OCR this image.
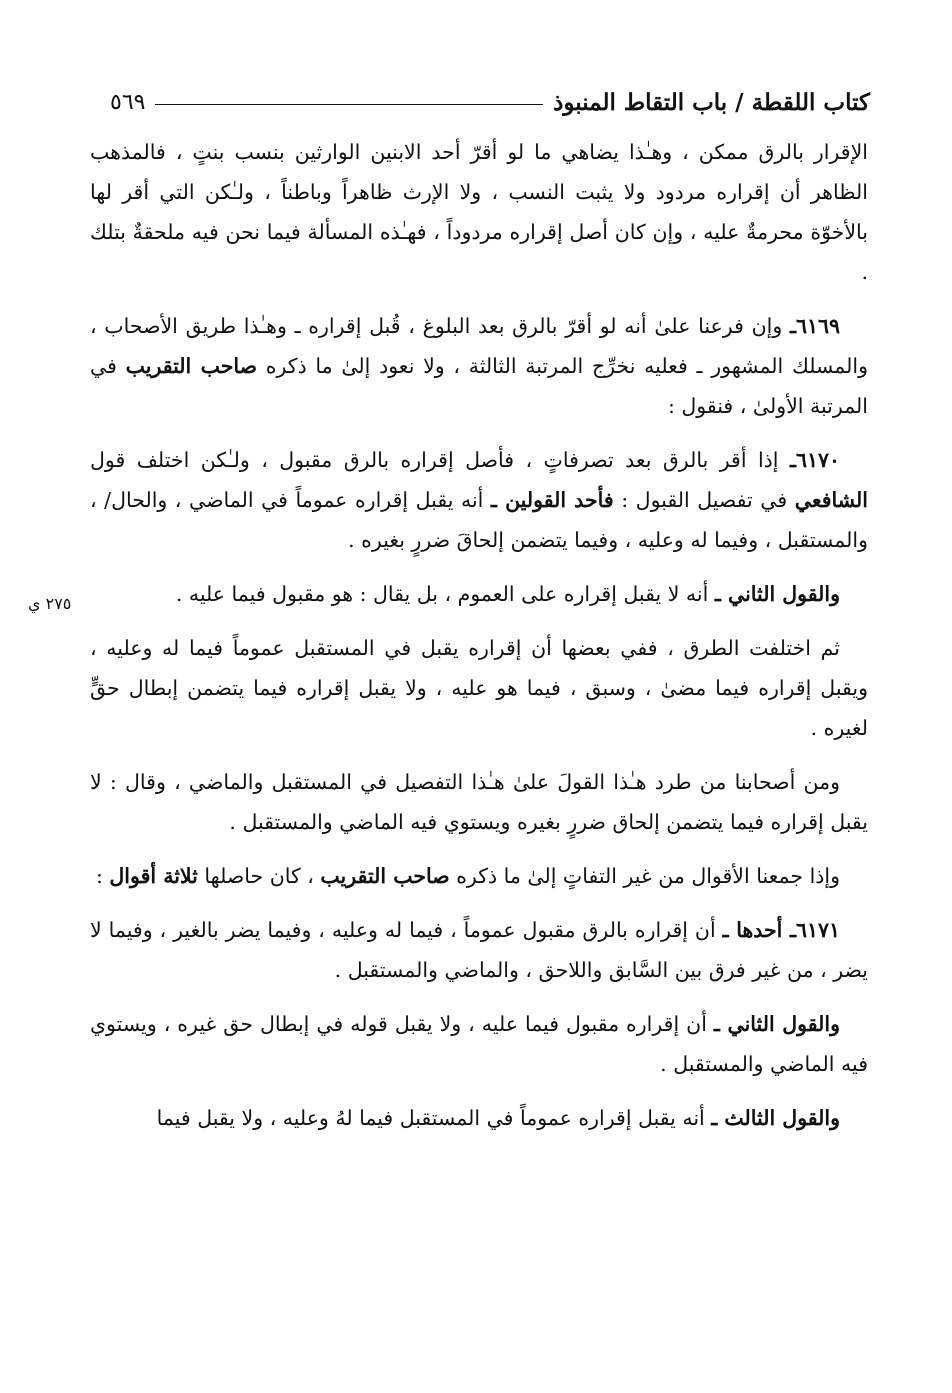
كتاب اللقطة / باب التقاط المنبوذ
٥٦٩
٢٧٥ ي

الإقرار بالرق ممكن ، وهـٰذا يضاهي ما لو أقرّ أحد الابنين الوارثين بنسب بنتٍ ، فالمذهب الظاهر أن إقراره مردود ولا يثبت النسب ، ولا الإرث ظاهراً وباطناً ، ولـٰكن التي أقر لها بالأخوّة محرمةٌ عليه ، وإن كان أصل إقراره مردوداً ، فهـٰذه المسألة فيما نحن فيه ملحقةٌ بتلك .

٦١٦٩ـ وإن فرعنا علىٰ أنه لو أقرّ بالرق بعد البلوغ ، قُبل إقراره ـ وهـٰذا طريق الأصحاب ، والمسلك المشهور ـ فعليه نخرِّج المرتبة الثالثة ، ولا نعود إلىٰ ما ذكره صاحب التقريب في المرتبة الأولىٰ ، فنقول :

٦١٧٠ـ إذا أقر بالرق بعد تصرفاتٍ ، فأصل إقراره بالرق مقبول ، ولـٰكن اختلف قول الشافعي في تفصيل القبول : فأحد القولين ـ أنه يقبل إقراره عموماً في الماضي ، والحال/ ، والمستقبل ، وفيما له وعليه ، وفيما يتضمن إلحاقَ ضررٍ بغيره .

والقول الثاني ـ أنه لا يقبل إقراره على العموم ، بل يقال : هو مقبول فيما عليه .

ثم اختلفت الطرق ، ففي بعضها أن إقراره يقبل في المستقبل عموماً فيما له وعليه ، ويقبل إقراره فيما مضىٰ ، وسبق ، فيما هو عليه ، ولا يقبل إقراره فيما يتضمن إبطال حقٍّ لغيره .

ومن أصحابنا من طرد هـٰذا القولَ علىٰ هـٰذا التفصيل في المستقبل والماضي ، وقال : لا يقبل إقراره فيما يتضمن إلحاق ضررٍ بغيره ويستوي فيه الماضي والمستقبل .

وإذا جمعنا الأقوال من غير التفاتٍ إلىٰ ما ذكره صاحب التقريب ، كان حاصلها ثلاثة أقوال :

٦١٧١ـ أحدها ـ أن إقراره بالرق مقبول عموماً ، فيما له وعليه ، وفيما يضر بالغير ، وفيما لا يضر ، من غير فرق بين السَّابق واللاحق ، والماضي والمستقبل .

والقول الثاني ـ أن إقراره مقبول فيما عليه ، ولا يقبل قوله في إبطال حق غيره ، ويستوي فيه الماضي والمستقبل .

والقول الثالث ـ أنه يقبل إقراره عموماً في المستقبل فيما لهُ وعليه ، ولا يقبل فيما
